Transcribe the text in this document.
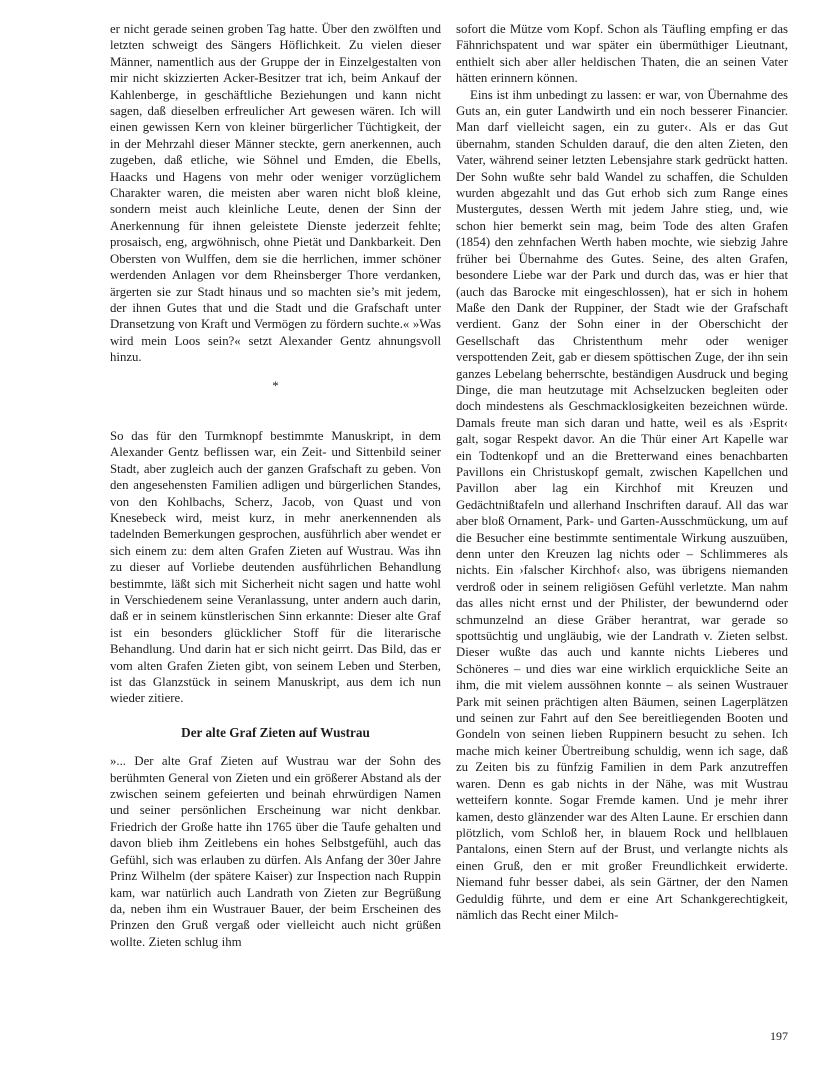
er nicht gerade seinen groben Tag hatte. Über den zwölften und letzten schweigt des Sängers Höflichkeit. Zu vielen dieser Männer, namentlich aus der Gruppe der in Einzelgestalten von mir nicht skizzierten Acker-Besitzer trat ich, beim Ankauf der Kahlenberge, in geschäftliche Beziehungen und kann nicht sagen, daß dieselben erfreulicher Art gewesen wären. Ich will einen gewissen Kern von kleiner bürgerlicher Tüchtigkeit, der in der Mehrzahl dieser Männer steckte, gern anerkennen, auch zugeben, daß etliche, wie Söhnel und Emden, die Ebells, Haacks und Hagens von mehr oder weniger vorzüglichem Charakter waren, die meisten aber waren nicht bloß kleine, sondern meist auch kleinliche Leute, denen der Sinn der Anerkennung für ihnen geleistete Dienste jederzeit fehlte; prosaisch, eng, argwöhnisch, ohne Pietät und Dankbarkeit. Den Obersten von Wulffen, dem sie die herrlichen, immer schöner werdenden Anlagen vor dem Rheinsberger Thore verdanken, ärgerten sie zur Stadt hinaus und so machten sie’s mit jedem, der ihnen Gutes that und die Stadt und die Grafschaft unter Dransetzung von Kraft und Vermögen zu fördern suchte.« »Was wird mein Loos sein?« setzt Alexander Gentz ahnungsvoll hinzu.

*

So das für den Turmknopf bestimmte Manuskript, in dem Alexander Gentz beflissen war, ein Zeit- und Sittenbild seiner Stadt, aber zugleich auch der ganzen Grafschaft zu geben. Von den angesehensten Familien adligen und bürgerlichen Standes, von den Kohlbachs, Scherz, Jacob, von Quast und von Knesebeck wird, meist kurz, in mehr anerkennenden als tadelnden Bemerkungen gesprochen, ausführlich aber wendet er sich einem zu: dem alten Grafen Zieten auf Wustrau. Was ihn zu dieser auf Vorliebe deutenden ausführlichen Behandlung bestimmte, läßt sich mit Sicherheit nicht sagen und hatte wohl in Verschiedenem seine Veranlassung, unter andern auch darin, daß er in seinem künstlerischen Sinn erkannte: Dieser alte Graf ist ein besonders glücklicher Stoff für die literarische Behandlung. Und darin hat er sich nicht geirrt. Das Bild, das er vom alten Grafen Zieten gibt, von seinem Leben und Sterben, ist das Glanzstück in seinem Manuskript, aus dem ich nun wieder zitiere.

Der alte Graf Zieten auf Wustrau

»... Der alte Graf Zieten auf Wustrau war der Sohn des berühmten General von Zieten und ein größerer Abstand als der zwischen seinem gefeierten und beinah ehrwürdigen Namen und seiner persönlichen Erscheinung war nicht denkbar. Friedrich der Große hatte ihn 1765 über die Taufe gehalten und davon blieb ihm Zeitlebens ein hohes Selbstgefühl, auch das Gefühl, sich was erlauben zu dürfen. Als Anfang der 30er Jahre Prinz Wilhelm (der spätere Kaiser) zur Inspection nach Ruppin kam, war natürlich auch Landrath von Zieten zur Begrüßung da, neben ihm ein Wustrauer Bauer, der beim Erscheinen des Prinzen den Gruß vergaß oder vielleicht auch nicht grüßen wollte. Zieten schlug ihm

sofort die Mütze vom Kopf. Schon als Täufling empfing er das Fähnrichspatent und war später ein übermüthiger Lieutnant, enthielt sich aber aller heldischen Thaten, die an seinen Vater hätten erinnern können.

Eins ist ihm unbedingt zu lassen: er war, von Übernahme des Guts an, ein guter Landwirth und ein noch besserer Financier. Man darf vielleicht sagen, ein zu guter‹. Als er das Gut übernahm, standen Schulden darauf, die den alten Zieten, den Vater, während seiner letzten Lebensjahre stark gedrückt hatten. Der Sohn wußte sehr bald Wandel zu schaffen, die Schulden wurden abgezahlt und das Gut erhob sich zum Range eines Mustergutes, dessen Werth mit jedem Jahre stieg, und, wie schon hier bemerkt sein mag, beim Tode des alten Grafen (1854) den zehnfachen Werth haben mochte, wie siebzig Jahre früher bei Übernahme des Gutes. Seine, des alten Grafen, besondere Liebe war der Park und durch das, was er hier that (auch das Barocke mit eingeschlossen), hat er sich in hohem Maße den Dank der Ruppiner, der Stadt wie der Grafschaft verdient. Ganz der Sohn einer in der Oberschicht der Gesellschaft das Christenthum mehr oder weniger verspottenden Zeit, gab er diesem spöttischen Zuge, der ihn sein ganzes Lebelang beherrschte, beständigen Ausdruck und beging Dinge, die man heutzutage mit Achselzucken begleiten oder doch mindestens als Geschmacklosigkeiten bezeichnen würde. Damals freute man sich daran und hatte, weil es als ›Esprit‹ galt, sogar Respekt davor. An die Thür einer Art Kapelle war ein Todtenkopf und an die Bretterwand eines benachbarten Pavillons ein Christuskopf gemalt, zwischen Kapellchen und Pavillon aber lag ein Kirchhof mit Kreuzen und Gedächtnißtafeln und allerhand Inschriften darauf. All das war aber bloß Ornament, Park- und Garten-Ausschmückung, um auf die Besucher eine bestimmte sentimentale Wirkung auszuüben, denn unter den Kreuzen lag nichts oder – Schlimmeres als nichts. Ein ›falscher Kirchhof‹ also, was übrigens niemanden verdroß oder in seinem religiösen Gefühl verletzte. Man nahm das alles nicht ernst und der Philister, der bewundernd oder schmunzelnd an diese Gräber herantrat, war gerade so spottsüchtig und ungläubig, wie der Landrath v. Zieten selbst. Dieser wußte das auch und kannte nichts Lieberes und Schöneres – und dies war eine wirklich erquickliche Seite an ihm, die mit vielem aussöhnen konnte – als seinen Wustrauer Park mit seinen prächtigen alten Bäumen, seinen Lagerplätzen und seinen zur Fahrt auf den See bereitliegenden Booten und Gondeln von seinen lieben Ruppinern besucht zu sehen. Ich mache mich keiner Übertreibung schuldig, wenn ich sage, daß zu Zeiten bis zu fünfzig Familien in dem Park anzutreffen waren. Denn es gab nichts in der Nähe, was mit Wustrau wetteifern konnte. Sogar Fremde kamen. Und je mehr ihrer kamen, desto glänzender war des Alten Laune. Er erschien dann plötzlich, vom Schloß her, in blauem Rock und hellblauen Pantalons, einen Stern auf der Brust, und verlangte nichts als einen Gruß, den er mit großer Freundlichkeit erwiderte. Niemand fuhr besser dabei, als sein Gärtner, der den Namen Geduldig führte, und dem er eine Art Schankgerechtigkeit, nämlich das Recht einer Milch-

197
